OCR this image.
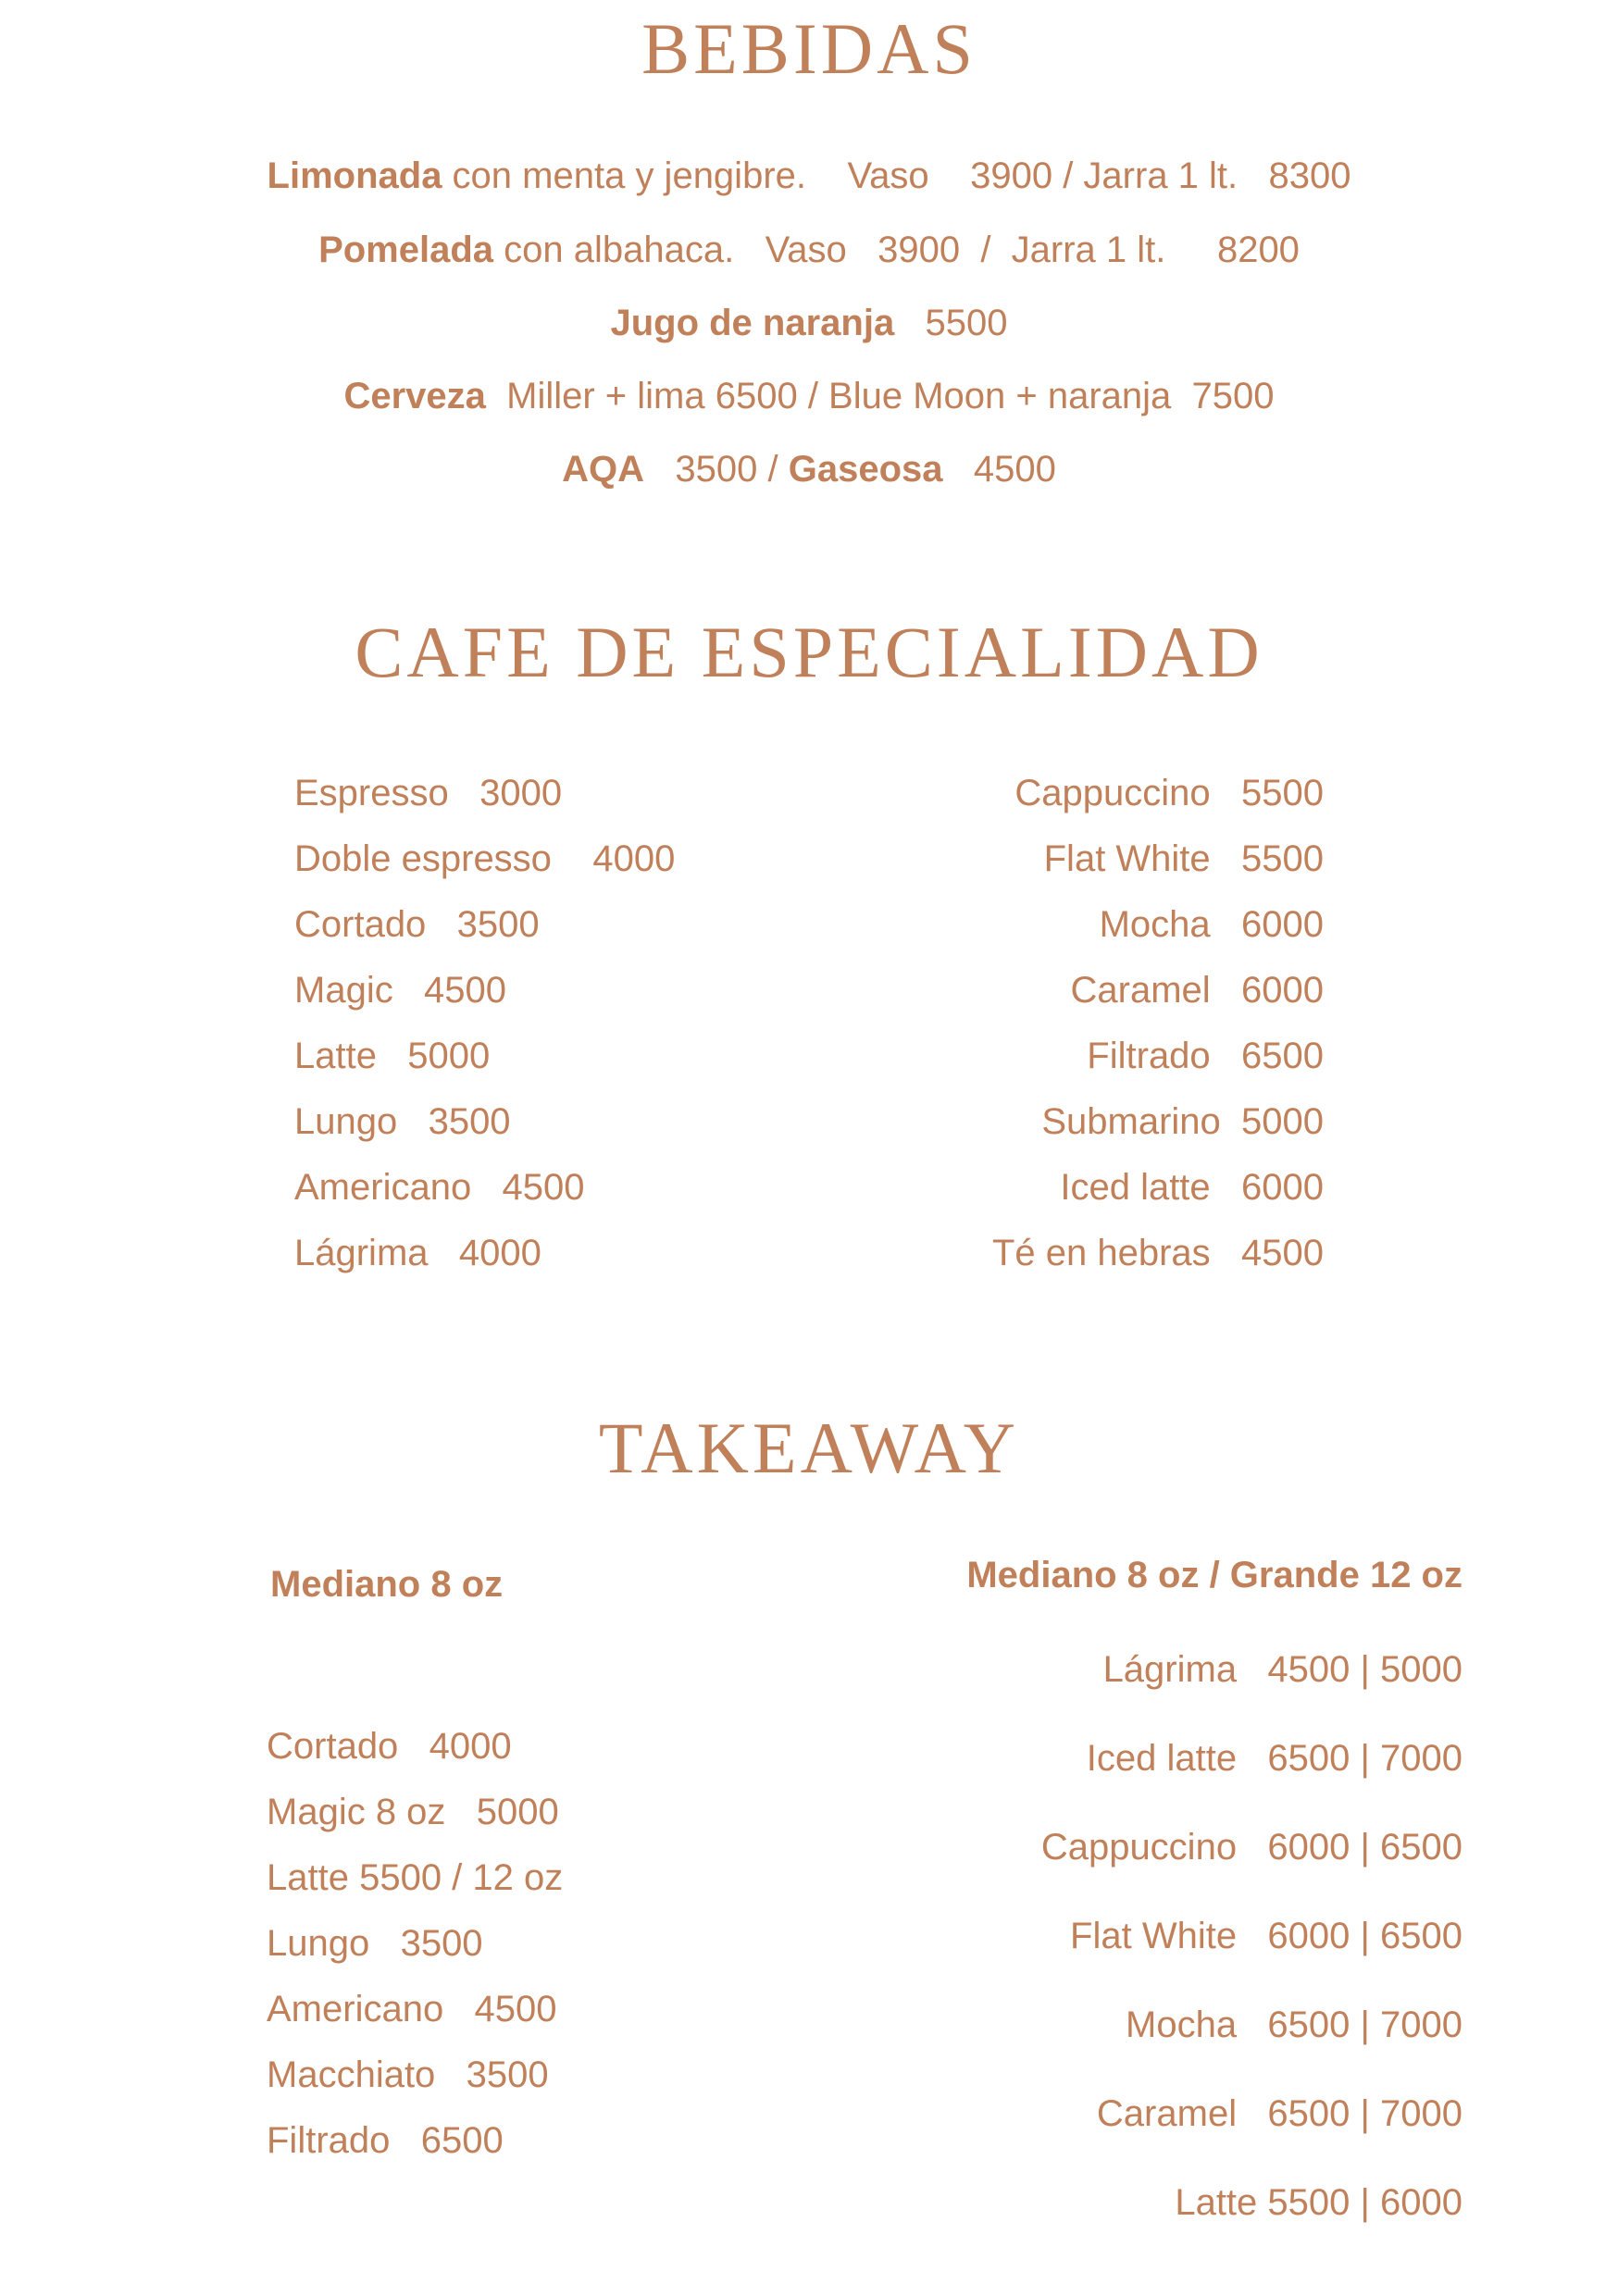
BEBIDAS
Limonada con menta y jengibre.    Vaso    3900 / Jarra 1 lt.   8300
Pomelada con albahaca.   Vaso   3900  /  Jarra 1 lt.     8200
Jugo de naranja   5500
Cerveza  Miller + lima 6500 / Blue Moon + naranja  7500
AQA   3500 / Gaseosa   4500
CAFE DE ESPECIALIDAD
Espresso   3000
Doble espresso    4000
Cortado   3500
Magic   4500
Latte   5000
Lungo   3500
Americano   4500
Lágrima   4000
Cappuccino   5500
Flat White   5500
Mocha   6000
Caramel   6000
Filtrado   6500
Submarino  5000
Iced latte   6000
Té en hebras   4500
TAKEAWAY
Mediano 8 oz	Mediano 8 oz / Grande 12 oz
Cortado   4000
Magic 8 oz   5000
Latte 5500 / 12 oz
Lungo   3500
Americano   4500
Macchiato   3500
Filtrado   6500
Lágrima   4500 | 5000
Iced latte   6500 | 7000
Cappuccino   6000 | 6500
Flat White   6000 | 6500
Mocha   6500 | 7000
Caramel   6500 | 7000
Latte 5500 | 6000
